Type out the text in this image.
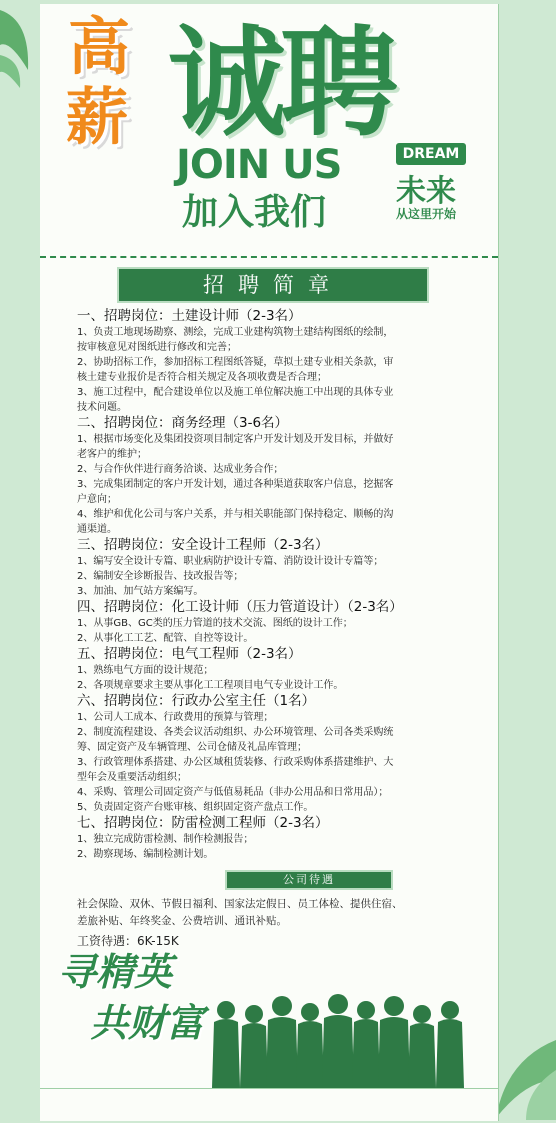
高
薪 诚聘
JOIN US
加入我们
DREAM
未来
从这里开始
招聘简章
一、招聘岗位：土建设计师（2-3名）
1、负责工地现场勘察、测绘，完成工业建构筑物土建结构图纸的绘制，
按审核意见对图纸进行修改和完善；
2、协助招标工作，参加招标工程图纸答疑，草拟土建专业相关条款，审
核土建专业报价是否符合相关规定及各项收费是否合理；
3、施工过程中，配合建设单位以及施工单位解决施工中出现的具体专业
技术问题。
二、招聘岗位：商务经理（3-6名）
1、根据市场变化及集团投资项目制定客户开发计划及开发目标，并做好
老客户的维护；
2、与合作伙伴进行商务洽谈、达成业务合作；
3、完成集团制定的客户开发计划，通过各种渠道获取客户信息，挖掘客
户意向；
4、维护和优化公司与客户关系，并与相关职能部门保持稳定、顺畅的沟
通渠道。
三、招聘岗位：安全设计工程师（2-3名）
1、编写安全设计专篇、职业病防护设计专篇、消防设计设计专篇等；
2、编制安全诊断报告、技改报告等；
3、加油、加气站方案编写。
四、招聘岗位：化工设计师（压力管道设计）（2-3名）
1、从事GB、GC类的压力管道的技术交流、图纸的设计工作；
2、从事化工工艺、配管、自控等设计。
五、招聘岗位：电气工程师（2-3名）
1、熟练电气方面的设计规范；
2、各项规章要求主要从事化工工程项目电气专业设计工作。
六、招聘岗位：行政办公室主任（1名）
1、公司人工成本、行政费用的预算与管理；
2、制度流程建设、各类会议活动组织、办公环境管理、公司各类采购统
筹、固定资产及车辆管理、公司仓储及礼品库管理；
3、行政管理体系搭建、办公区域租赁装修、行政采购体系搭建维护、大
型年会及重要活动组织；
4、采购、管理公司固定资产与低值易耗品（非办公用品和日常用品）；
5、负责固定资产台账审核、组织固定资产盘点工作。
七、招聘岗位：防雷检测工程师（2-3名）
1、独立完成防雷检测、制作检测报告；
2、勘察现场、编制检测计划。
公司待遇
社会保险、双休、节假日福利、国家法定假日、员工体检、提供住宿、
差旅补贴、年终奖金、公费培训、通讯补贴。
工资待遇：6K-15K
寻精英
共财富
